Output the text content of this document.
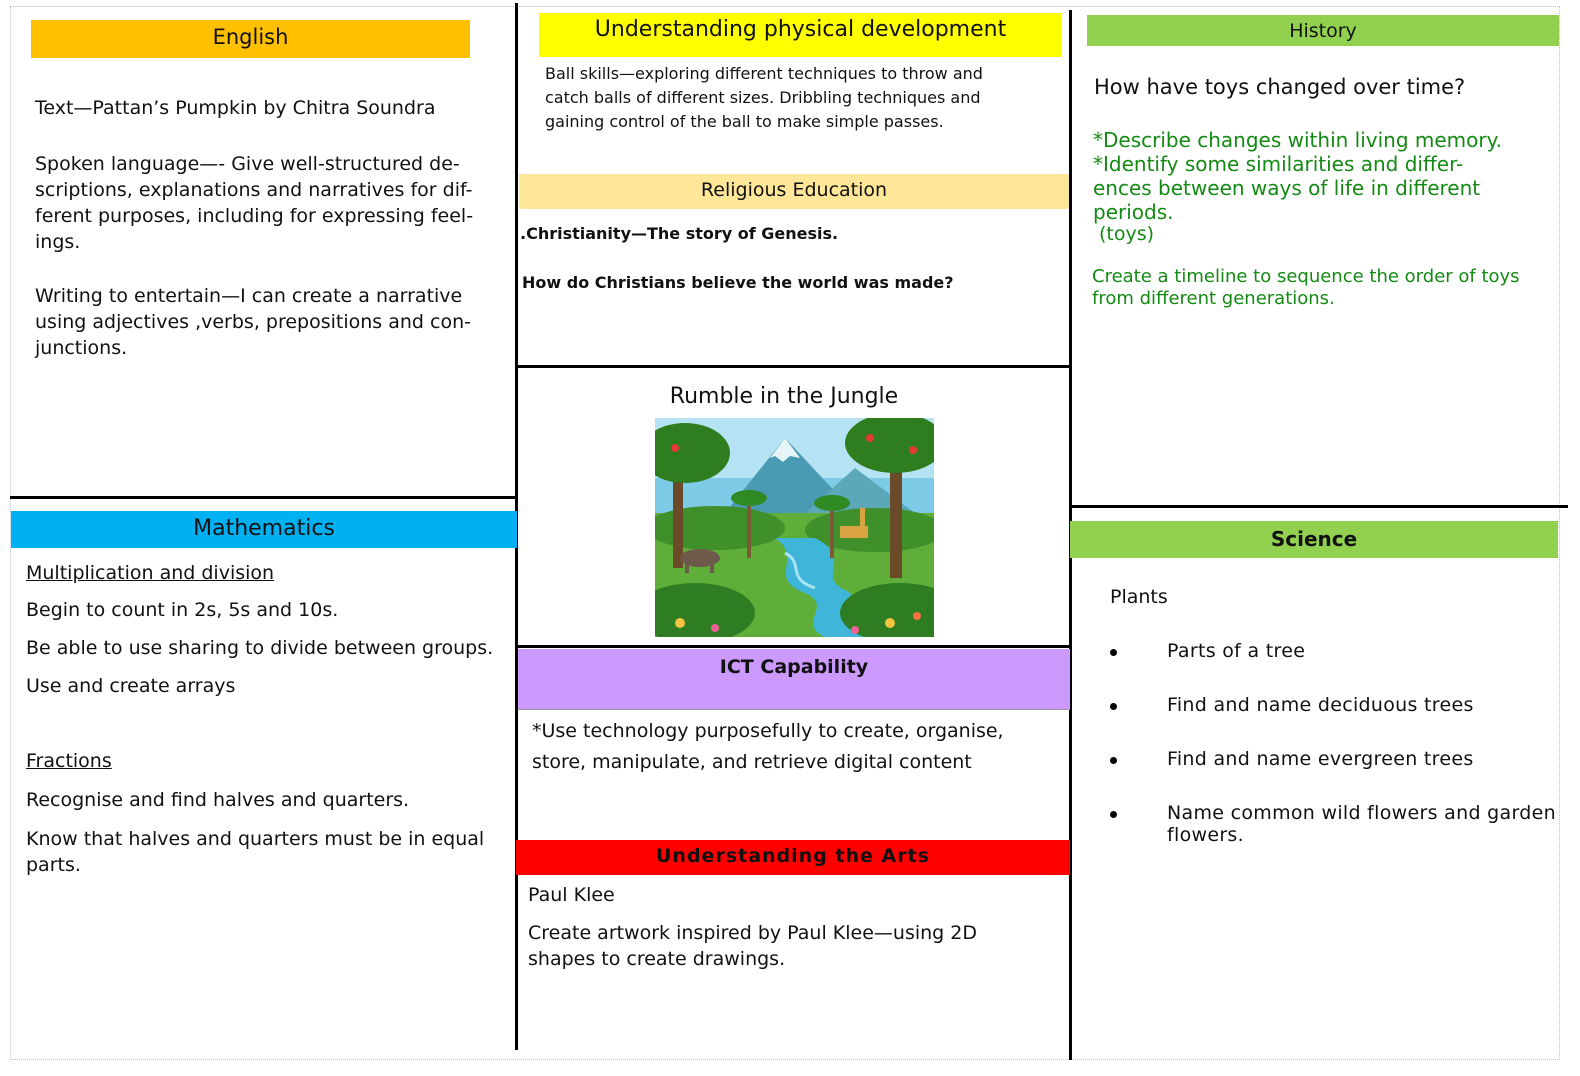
English
Text—Pattan’s Pumpkin by Chitra Soundra
Spoken language—- Give well-structured de-scriptions, explanations and narratives for dif-ferent purposes, including for expressing feel-ings.
Writing to entertain—I can create a narrative using adjectives ,verbs, prepositions and con-junctions.
Mathematics
Multiplication and division
Begin to count in 2s, 5s and 10s.
Be able to use sharing to divide between groups.
Use and create arrays
Fractions
Recognise and find halves and quarters.
Know that halves and quarters must be in equal parts.
Understanding physical development
Ball skills—exploring different techniques to throw and catch balls of different sizes. Dribbling techniques and gaining control of the ball to make simple passes.
Religious Education
.Christianity—The story of Genesis.
How do Christians believe the world was made?
Rumble in the Jungle
ICT Capability
*Use technology purposefully to create, organise, store, manipulate, and retrieve digital content
Understanding the Arts
Paul Klee
Create artwork inspired by Paul Klee—using 2D shapes to create drawings.
History
How have toys changed over time?
*Describe changes within living memory.
*Identify some similarities and differ-ences between ways of life in different periods.
(toys)
Create a timeline to sequence the order of toys from different generations.
Science
Plants
Parts of a tree
Find and name deciduous trees
Find and name evergreen trees
Name common wild flowers and garden flowers.
